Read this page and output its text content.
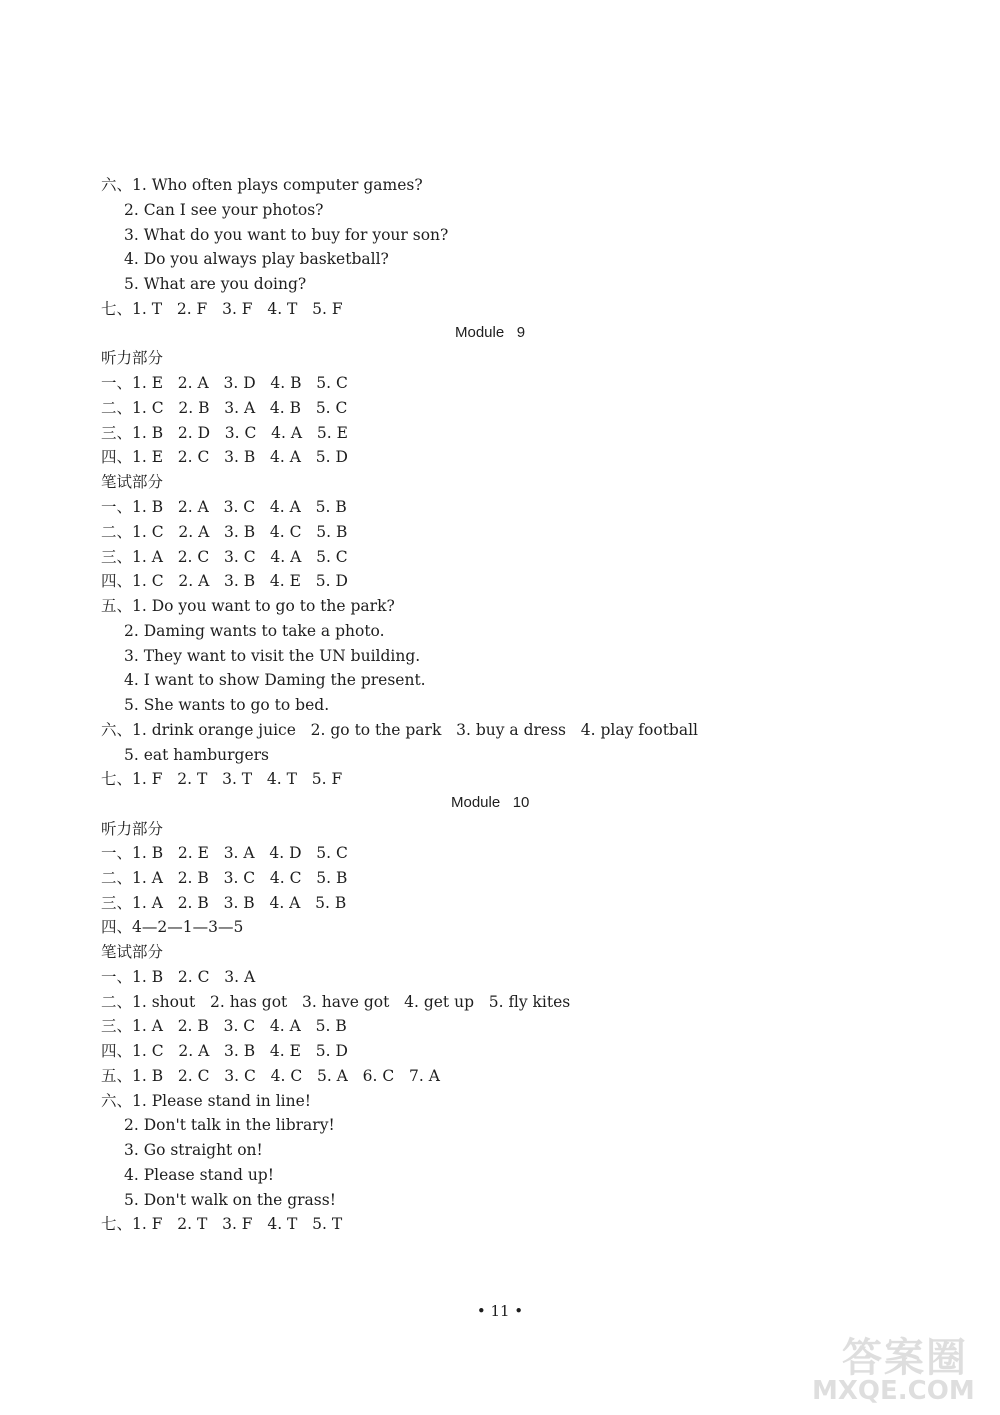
六、1. Who often plays computer games?
2. Can I see your photos?
3. What do you want to buy for your son?
4. Do you always play basketball?
5. What are you doing?
七、1. T   2. F   3. F   4. T   5. F
Module   9
听力部分
一、1. E   2. A   3. D   4. B   5. C
二、1. C   2. B   3. A   4. B   5. C
三、1. B   2. D   3. C   4. A   5. E
四、1. E   2. C   3. B   4. A   5. D
笔试部分
一、1. B   2. A   3. C   4. A   5. B
二、1. C   2. A   3. B   4. C   5. B
三、1. A   2. C   3. C   4. A   5. C
四、1. C   2. A   3. B   4. E   5. D
五、1. Do you want to go to the park?
2. Daming wants to take a photo.
3. They want to visit the UN building.
4. I want to show Daming the present.
5. She wants to go to bed.
六、1. drink orange juice   2. go to the park   3. buy a dress   4. play football
5. eat hamburgers
七、1. F   2. T   3. T   4. T   5. F
Module   10
听力部分
一、1. B   2. E   3. A   4. D   5. C
二、1. A   2. B   3. C   4. C   5. B
三、1. A   2. B   3. B   4. A   5. B
四、4—2—1—3—5
笔试部分
一、1. B   2. C   3. A
二、1. shout   2. has got   3. have got   4. get up   5. fly kites
三、1. A   2. B   3. C   4. A   5. B
四、1. C   2. A   3. B   4. E   5. D
五、1. B   2. C   3. C   4. C   5. A   6. C   7. A
六、1. Please stand in line!
2. Don't talk in the library!
3. Go straight on!
4. Please stand up!
5. Don't walk on the grass!
七、1. F   2. T   3. F   4. T   5. T
• 11 •
答案圈
MXQE.COM
